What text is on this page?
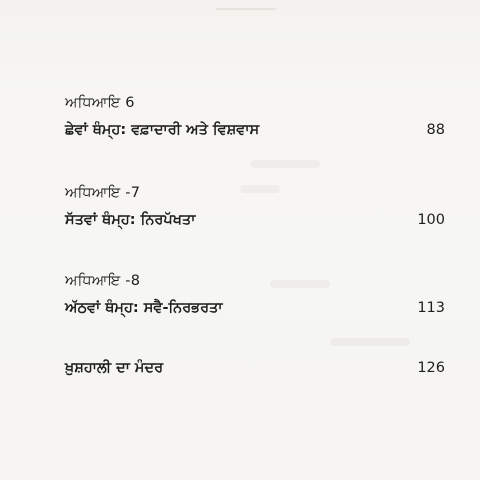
ਅਧਿਆਇ 6
ਛੇਵਾਂ ਥੰਮ੍ਹ: ਵਫ਼ਾਦਾਰੀ ਅਤੇ ਵਿਸ਼ਵਾਸ	88
ਅਧਿਆਇ -7
ਸੱਤਵਾਂ ਥੰਮ੍ਹ: ਨਿਰਪੱਖਤਾ	100
ਅਧਿਆਇ -8
ਅੱਠਵਾਂ ਥੰਮ੍ਹ: ਸਵੈ-ਨਿਰਭਰਤਾ	113
ਖ਼ੁਸ਼ਹਾਲੀ ਦਾ ਮੰਦਰ	126
